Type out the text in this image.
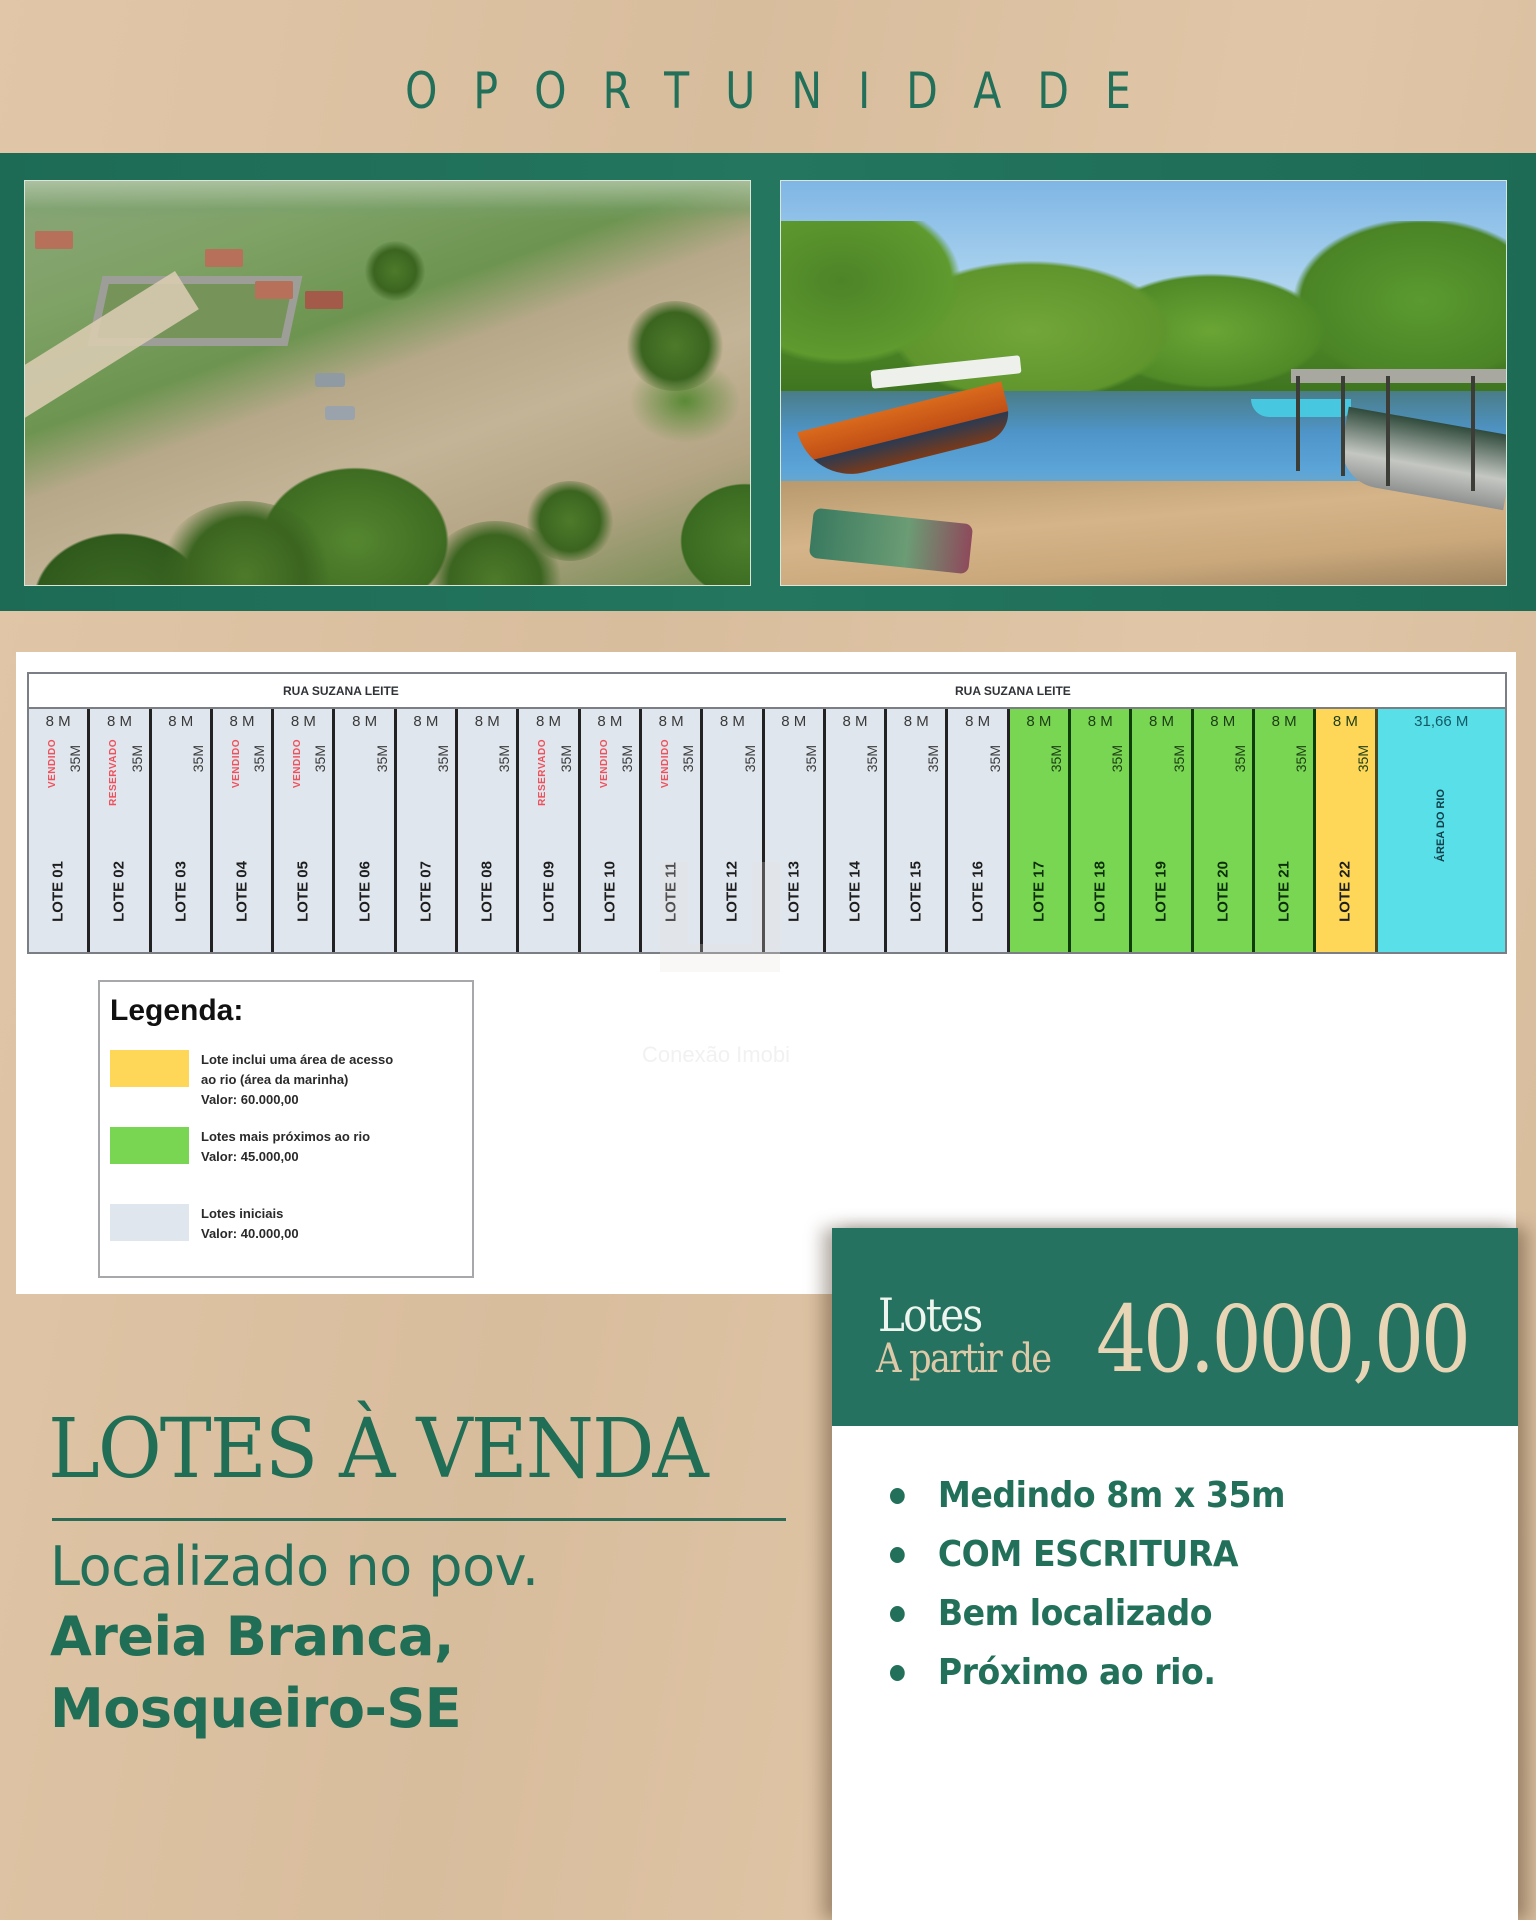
OPORTUNIDADE
RUA SUZANA LEITE	RUA SUZANA LEITE
8 M
35M
VENDIDO
LOTE 01
8 M
35M
RESERVADO
LOTE 02
8 M
35M
LOTE 03
8 M
35M
VENDIDO
LOTE 04
8 M
35M
VENDIDO
LOTE 05
8 M
35M
LOTE 06
8 M
35M
LOTE 07
8 M
35M
LOTE 08
8 M
35M
RESERVADO
LOTE 09
8 M
35M
VENDIDO
LOTE 10
8 M
35M
VENDIDO
LOTE 11
8 M
35M
LOTE 12
8 M
35M
LOTE 13
8 M
35M
LOTE 14
8 M
35M
LOTE 15
8 M
35M
LOTE 16
8 M
35M
LOTE 17
8 M
35M
LOTE 18
8 M
35M
LOTE 19
8 M
35M
LOTE 20
8 M
35M
LOTE 21
8 M
35M
LOTE 22
31,66 M
ÁREA DO RIO
Conexão Imobi
Legenda:
Lote inclui uma área de acesso
ao rio (área da marinha)
Valor: 60.000,00
Lotes mais próximos ao rio
Valor: 45.000,00
Lotes iniciais
Valor: 40.000,00
LOTES À VENDA
Localizado no pov.
Areia Branca,
Mosqueiro-SE
Lotes
A partir de 40.000,00
Medindo 8m x 35m
COM ESCRITURA
Bem localizado
Próximo ao rio.
